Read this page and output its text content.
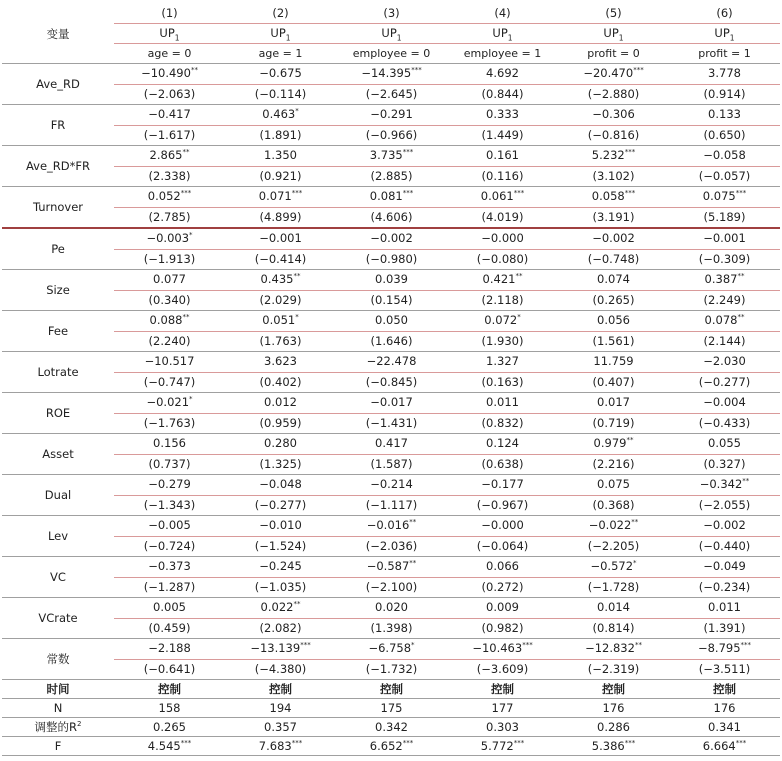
变量	(1)	(2)	(3)	(4)	(5)	(6)
	$UP_1$	$UP_1$	$UP_1$	$UP_1$	$UP_1$	$UP_1$
	age = 0	age = 1	employee = 0	employee = 1	profit = 0	profit = 1
Ave_RD	−10.490**	−0.675	−14.395***	4.692	−20.470***	3.778
	(−2.063)	(−0.114)	(−2.645)	(0.844)	(−2.880)	(0.914)
FR	−0.417	0.463*	−0.291	0.333	−0.306	0.133
	(−1.617)	(1.891)	(−0.966)	(1.449)	(−0.816)	(0.650)
Ave_RD*FR	2.865**	1.350	3.735***	0.161	5.232***	−0.058
	(2.338)	(0.921)	(2.885)	(0.116)	(3.102)	(−0.057)
Turnover	0.052***	0.071***	0.081***	0.061***	0.058***	0.075***
	(2.785)	(4.899)	(4.606)	(4.019)	(3.191)	(5.189)
Pe	−0.003*	−0.001	−0.002	−0.000	−0.002	−0.001
	(−1.913)	(−0.414)	(−0.980)	(−0.080)	(−0.748)	(−0.309)
Size	0.077	0.435**	0.039	0.421**	0.074	0.387**
	(0.340)	(2.029)	(0.154)	(2.118)	(0.265)	(2.249)
Fee	0.088**	0.051*	0.050	0.072*	0.056	0.078**
	(2.240)	(1.763)	(1.646)	(1.930)	(1.561)	(2.144)
Lotrate	−10.517	3.623	−22.478	1.327	11.759	−2.030
	(−0.747)	(0.402)	(−0.845)	(0.163)	(0.407)	(−0.277)
ROE	−0.021*	0.012	−0.017	0.011	0.017	−0.004
	(−1.763)	(0.959)	(−1.431)	(0.832)	(0.719)	(−0.433)
Asset	0.156	0.280	0.417	0.124	0.979**	0.055
	(0.737)	(1.325)	(1.587)	(0.638)	(2.216)	(0.327)
Dual	−0.279	−0.048	−0.214	−0.177	0.075	−0.342**
	(−1.343)	(−0.277)	(−1.117)	(−0.967)	(0.368)	(−2.055)
Lev	−0.005	−0.010	−0.016**	−0.000	−0.022**	−0.002
	(−0.724)	(−1.524)	(−2.036)	(−0.064)	(−2.205)	(−0.440)
VC	−0.373	−0.245	−0.587**	0.066	−0.572*	−0.049
	(−1.287)	(−1.035)	(−2.100)	(0.272)	(−1.728)	(−0.234)
VCrate	0.005	0.022**	0.020	0.009	0.014	0.011
	(0.459)	(2.082)	(1.398)	(0.982)	(0.814)	(1.391)
常数	−2.188	−13.139***	−6.758*	−10.463***	−12.832**	−8.795***
	(−0.641)	(−4.380)	(−1.732)	(−3.609)	(−2.319)	(−3.511)
时间	控制	控制	控制	控制	控制	控制
N	158	194	175	177	176	176
调整的$R^2$	0.265	0.357	0.342	0.303	0.286	0.341
F	4.545***	7.683***	6.652***	5.772***	5.386***	6.664***
